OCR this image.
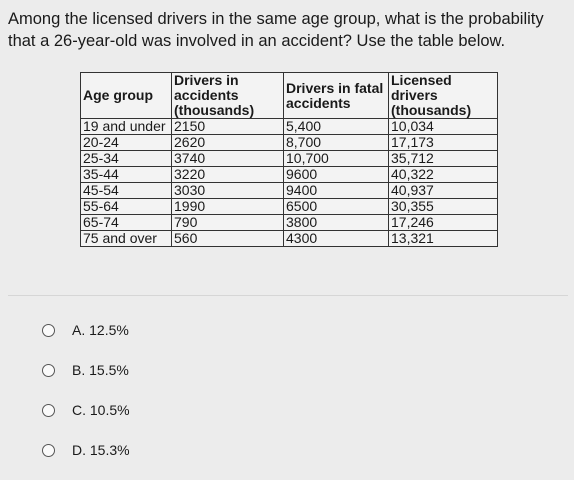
Among the licensed drivers in the same age group, what is the probability that a 26-year-old was involved in an accident? Use the table below.

Age group	Drivers in accidents (thousands)	Drivers in fatal accidents	Licensed drivers (thousands)
19 and under	2150	5,400	10,034
20-24	2620	8,700	17,173
25-34	3740	10,700	35,712
35-44	3220	9600	40,322
45-54	3030	9400	40,937
55-64	1990	6500	30,355
65-74	790	3800	17,246
75 and over	560	4300	13,321
A. 12.5%
B. 15.5%
C. 10.5%
D. 15.3%
